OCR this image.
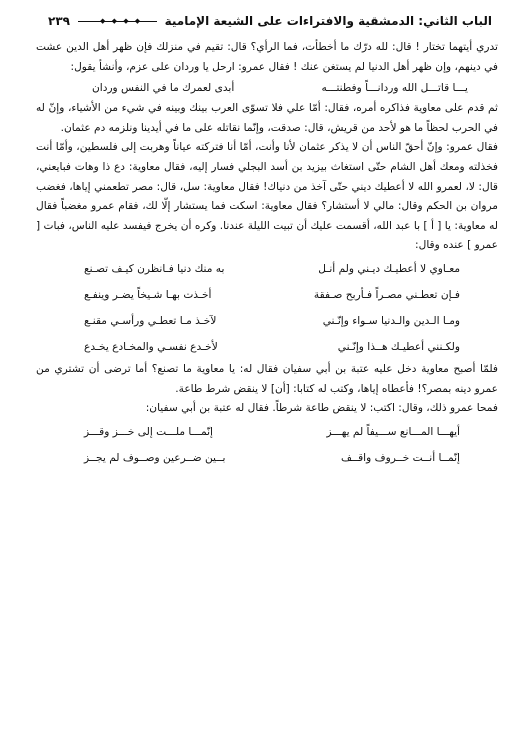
الباب الثاني: الدمشقية والافتراءات على الشيعة الإمامية
◆ ◆ ◆ ◆
٢٣٩

تدري أيتهما تختار ! قال: لله درّك ما أخطأت، فما الرأي؟ قال: تقيم في منزلك فإن ظهر أهل الدين عشت في دينهم، وإن ظهر أهل الدنيا لم يستغن عنك ! فقال عمرو: ارحل يا وردان على عزم، وأنشأ يقول:

يـــا قاتـــل الله وردانـــاً وفطنتـــه
أبدى لعمرك ما في النفس وردان

ثم قدم على معاوية فذاكره أمره، فقال: أمّا علي فلا تسوّى العرب بينك وبينه في شيء من الأشياء، وإنّ له في الحرب لحظاً ما هو لأحد من قريش، قال: صدقت، وإنّما نقاتله على ما في أيدينا ونلزمه دم عثمان.

فقال عمرو: وإنّ أحقّ الناس أن لا يذكر عثمان لأنا وأنت، أمّا أنا فتركته عياناً وهربت إلى فلسطين، وأمّا أنت فخذلته ومعك أهل الشام حتّى استغاث بيزيد بن أسد البجلي فسار إليه، فقال معاوية: دع ذا وهات فبايعني، قال: لا، لعمرو الله لا أعطيك ديني حتّى آخذ من دنياك! فقال معاوية: سل، قال: مصر تطعمني إياها، فغضب مروان بن الحكم وقال: مالي لا أستشار؟ فقال معاوية: اسكت فما يستشار إلّا لك، فقام عمرو مغضباً فقال له معاوية: يا [ أ ] با عبد الله، أقسمت عليك أن تبيت الليلة عندنا. وكره أن يخرج فيفسد عليه الناس، فبات [ عمرو ] عنده وقال:

معـاوي لا أعطيـك ديـني ولم أنـل
به منك دنيا فـانظرن كيـف تصـنع
فـإن تعطـني مصـراً فـأربح صـفقة
أخـذت بهـا شـيخاً يضـر وينفـع
ومـا الـدين والـدنيا سـواء وإنّـني
لآخـذ مـا تعطـي ورأسـي مقنـع
ولكـنني أعطيـك هــذا وإنّـني
لأخـدع نفسـي والمخـادع يخـدع

فلمّا أصبح معاوية دخل عليه عتبة بن أبي سفيان فقال له: يا معاوية ما تصنع؟ أما ترضى أن تشتري من عمرو دينه بمصر؟! فأعطاه إياها، وكتب له كتابا: [أن] لا ينقض شرط طاعة.

فمحا عمرو ذلك، وقال: اكتب: لا ينقض طاعة شرطاً. فقال له عتبة بن أبي سفيان:

أيهـــا المـــانع ســـيفاً لم يهـــز
إنّمـــا ملـــت إلى خـــز وقـــز
إنّمــا أنــت خــروف واقــف
بــين ضــرعين وصــوف لم يجــز
